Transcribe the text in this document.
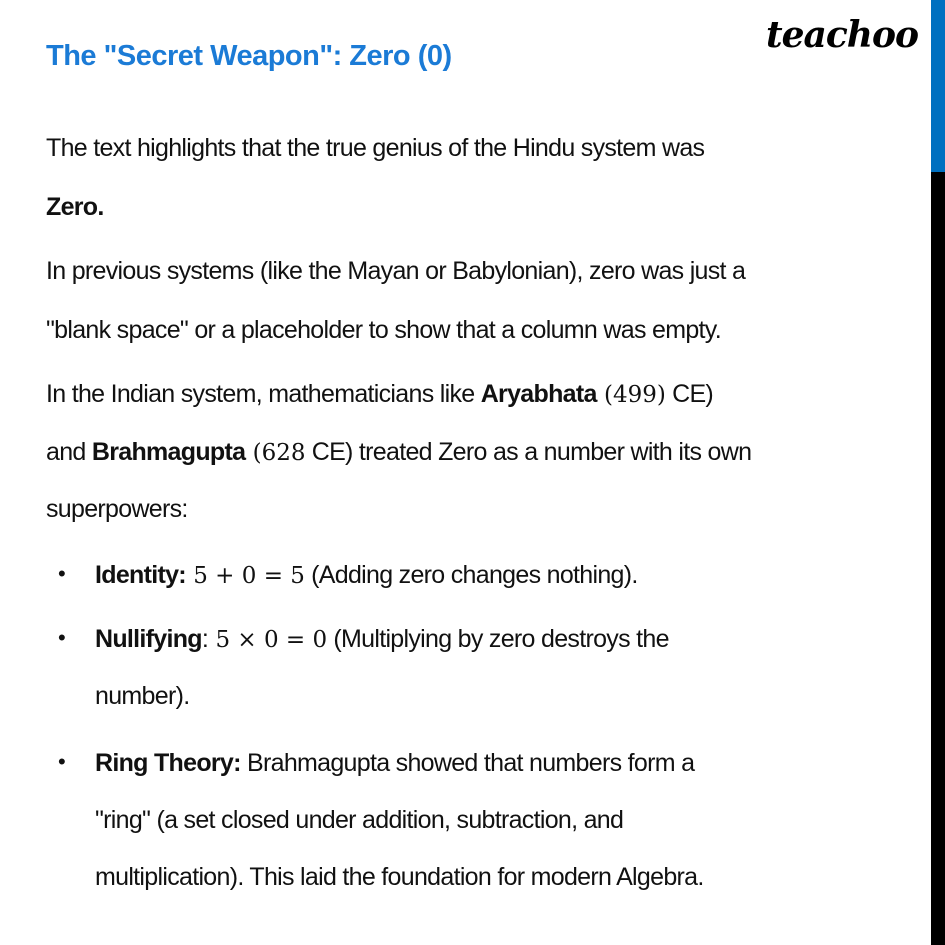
teachoo
The "Secret Weapon": Zero (0)
The text highlights that the true genius of the Hindu system was
Zero.
In previous systems (like the Mayan or Babylonian), zero was just a
"blank space" or a placeholder to show that a column was empty.
In the Indian system, mathematicians like Aryabhata (499) CE)
and Brahmagupta (628 CE) treated Zero as a number with its own
superpowers:
• Identity: 5 + 0 = 5 (Adding zero changes nothing).
• Nullifying: 5 × 0 = 0 (Multiplying by zero destroys the
number).
• Ring Theory: Brahmagupta showed that numbers form a
"ring" (a set closed under addition, subtraction, and
multiplication). This laid the foundation for modern Algebra.
